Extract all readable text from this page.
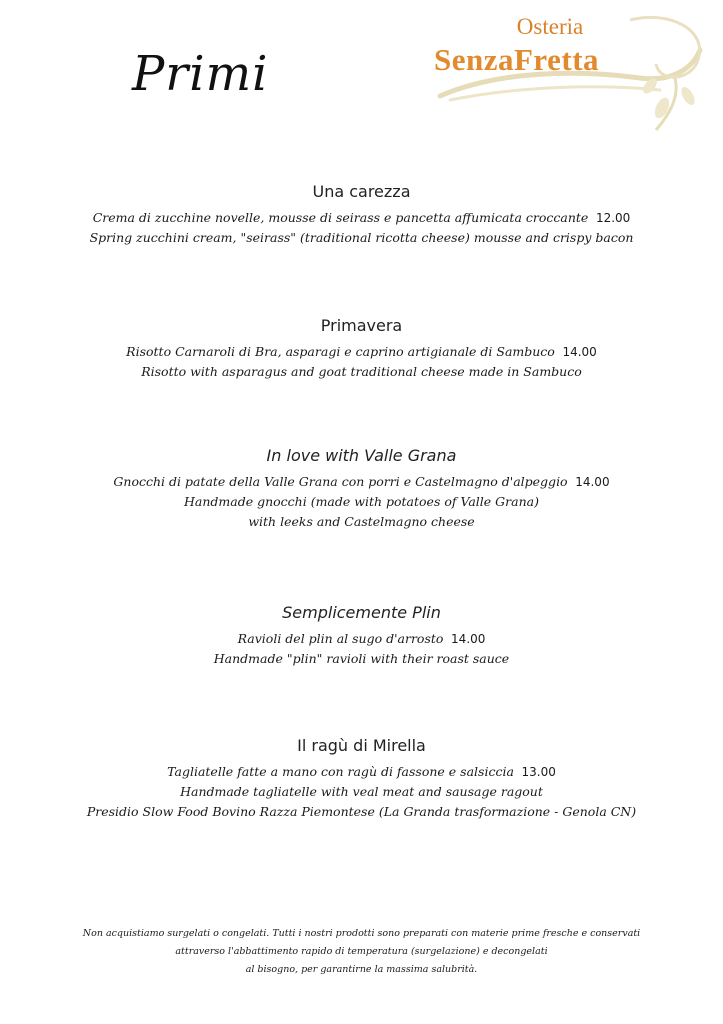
Primi
Osteria
SenzaFretta
Una carezza
Crema di zucchine novelle, mousse di seirass e pancetta affumicata croccante  12.00
Spring zucchini cream, "seirass" (traditional ricotta cheese) mousse and crispy bacon
Primavera
Risotto Carnaroli di Bra, asparagi e caprino artigianale di Sambuco  14.00
Risotto with asparagus and goat traditional cheese made in Sambuco
In love with Valle Grana
Gnocchi di patate della Valle Grana con porri e Castelmagno d'alpeggio  14.00
Handmade gnocchi (made with potatoes of Valle Grana)
with leeks and Castelmagno cheese
Semplicemente Plin
Ravioli del plin al sugo d'arrosto  14.00
Handmade "plin" ravioli with their roast sauce
Il ragù di Mirella
Tagliatelle fatte a mano con ragù di fassone e salsiccia  13.00
Handmade tagliatelle with veal meat and sausage ragout
Presidio Slow Food Bovino Razza Piemontese (La Granda trasformazione - Genola CN)
Non acquistiamo surgelati o congelati. Tutti i nostri prodotti sono preparati con materie prime fresche e conservati
attraverso l'abbattimento rapido di temperatura (surgelazione) e decongelati
al bisogno, per garantirne la massima salubrità.
